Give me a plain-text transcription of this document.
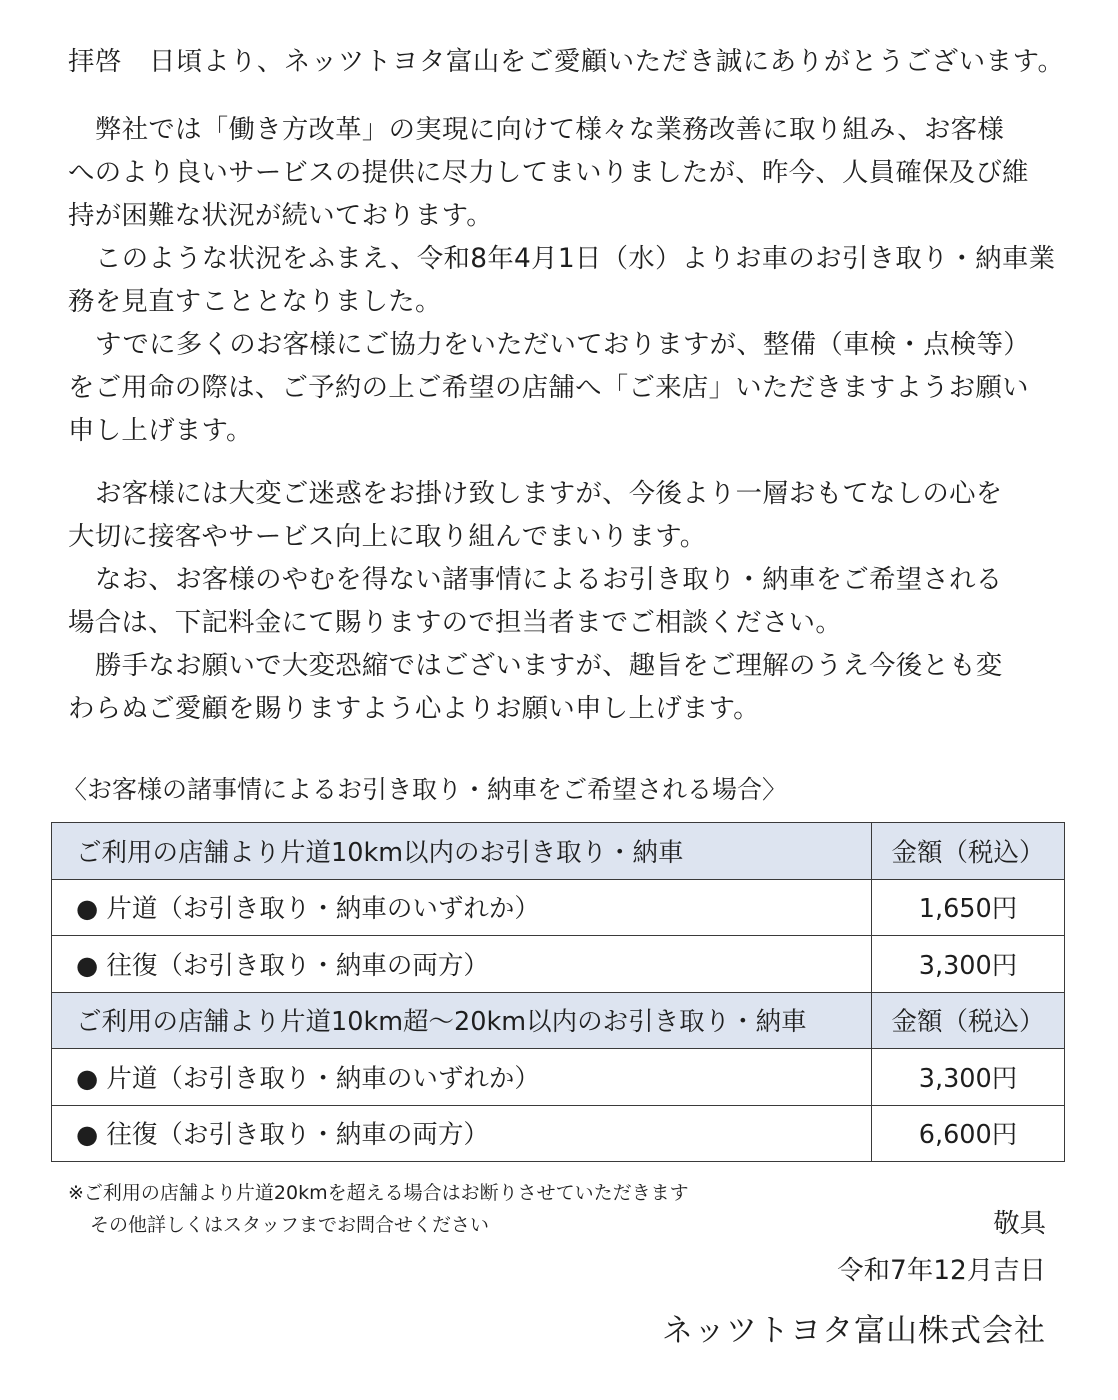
拝啓　日頃より、ネッツトヨタ富山をご愛顧いただき誠にありがとうございます。
弊社では「働き方改革」の実現に向けて様々な業務改善に取り組み、お客様
へのより良いサービスの提供に尽力してまいりましたが、昨今、人員確保及び維
持が困難な状況が続いております。
このような状況をふまえ、令和8年4月1日（水）よりお車のお引き取り・納車業
務を見直すこととなりました。
すでに多くのお客様にご協力をいただいておりますが、整備（車検・点検等）
をご用命の際は、ご予約の上ご希望の店舗へ「ご来店」いただきますようお願い
申し上げます。
お客様には大変ご迷惑をお掛け致しますが、今後より一層おもてなしの心を
大切に接客やサービス向上に取り組んでまいります。
なお、お客様のやむを得ない諸事情によるお引き取り・納車をご希望される
場合は、下記料金にて賜りますので担当者までご相談ください。
勝手なお願いで大変恐縮ではございますが、趣旨をご理解のうえ今後とも変
わらぬご愛顧を賜りますよう心よりお願い申し上げます。
〈お客様の諸事情によるお引き取り・納車をご希望される場合〉
ご利用の店舗より片道10km以内のお引き取り・納車	金額（税込）
● 片道（お引き取り・納車のいずれか）	1,650円
● 往復（お引き取り・納車の両方）	3,300円
ご利用の店舗より片道10km超～20km以内のお引き取り・納車	金額（税込）
● 片道（お引き取り・納車のいずれか）	3,300円
● 往復（お引き取り・納車の両方）	6,600円
※ご利用の店舗より片道20kmを超える場合はお断りさせていただきます
その他詳しくはスタッフまでお問合せください	敬具
令和7年12月吉日
ネッツトヨタ富山株式会社
